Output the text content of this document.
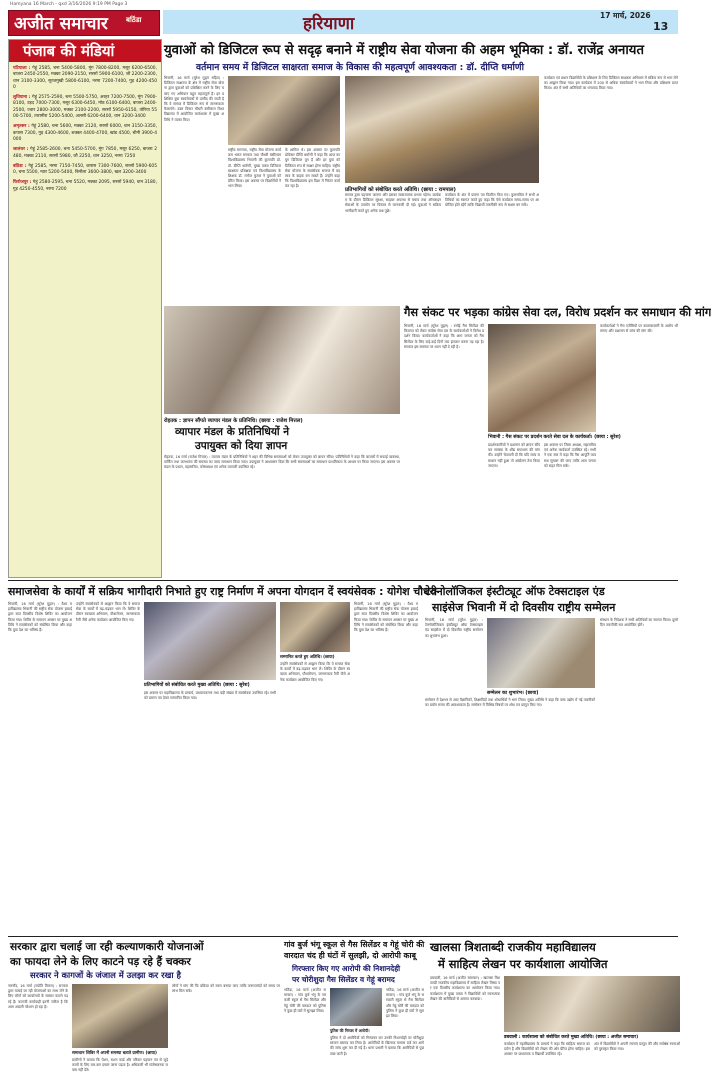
Hamyana 16 March - qxd 3/16/2026 9:19 PM Page 3
अजीत समाचार	बठिंडा	हरियाणा	17 मार्च, 2026
13
पंजाब की मंडियां
पटियाला : गेहूं 2585, चना 5400-5800, मूंग 7800-8200, मसूर 6200-6500, बाजरा 2450-2550, मक्का 2090-2150, सरसों 5900-6100, जौ 2200-2300, धान 3100-3300, सूरजमुखी 5800-6100, नरमा 7200-7400, गुड़ 4200-4500
लुधियाना : गेहूं 2575-2590, चना 5500-5750, अरहर 7200-7500, मूंग 7900-8100, उड़द 7000-7300, मसूर 6300-6450, मोठ 6100-6400, बाजरा 2400-2500, ज्वार 2800-3000, मक्का 2100-2200, सरसों 5950-6150, तोरिया 5500-5700, तारामीरा 5200-5400, अलसी 6200-6400, धान 3200-3400
अमृतसर : गेहूं 2580, चना 5600, मक्का 2120, सरसों 6000, धान 3150-3350, कपास 7300, गुड़ 4300-4600, शक्कर 4400-4700, खांड 4500, चीनी 3900-4000
जालंधर : गेहूं 2585-2600, चना 5450-5700, मूंग 7850, मसूर 6250, बाजरा 2480, मक्का 2110, सरसों 5980, जौ 2250, धान 3250, नरमा 7250
बठिंडा : गेहूं 2585, नरमा 7150-7450, कपास 7300-7600, सरसों 5900-6050, चना 5500, ग्वार 5200-5400, बिनौला 3600-3800, खल 3200-3400
फिरोजपुर : गेहूं 2580-2595, चना 5520, मक्का 2095, सरसों 5940, धान 3180, गुड़ 4250-4550, नरमा 7200
युवाओं को डिजिटल रूप से सदृढ़ बनाने में राष्ट्रीय सेवा योजना की अहम भूमिका : डॉ. राजेंद्र अनायत
वर्तमान समय में डिजिटल साक्षरता समाज के विकास की महत्वपूर्ण आवश्यकता : डॉ. दीप्ति धर्माणी
भिवानी, 16 मार्च (सुरेश मुद्गल सहित) : डिजिटल साक्षरता के क्षेत्र में राष्ट्रीय सेवा योजना द्वारा युवाओं को प्रशिक्षित करने के लिए चलाए गए अभियान बहुत महत्वपूर्ण हैं। इन प्रशिक्षित युवा स्वयंसेवकों से उम्मीद की जाती है कि वे समाज में डिजिटल रूप से जागरूकता फैलाएंगे। उक्त विचार चौधरी बंसीलाल विश्वविद्यालय में आयोजित कार्यशाला में मुख्य अतिथि ने व्यक्त किए।
राष्ट्रीय समन्वय, राष्ट्रीय सेवा योजना कार्यक्रम भारत सरकार तथा चौधरी बंसीलाल विश्वविद्यालय भिवानी की कुलपति प्रो. डॉ. दीप्ति धर्माणी, मुख्य वक्ता डिजिटल साक्षरता प्रशिक्षक एवं विश्वविद्यालय के शिक्षक डॉ. मनोज कुमार ने युवाओं को प्रेरित किया। इस अवसर पर विद्यार्थियों ने भाग लिया।
के शामिल थे। इस अवसर पर कुलपति प्रोफेसर दीप्ति धर्माणी ने कहा कि आज का युग डिजिटल युग है और हर युवा को डिजिटल रूप से साक्षर होना चाहिए। राष्ट्रीय सेवा योजना के स्वयंसेवक समाज में बदलाव के वाहक बन सकते हैं। उन्होंने कहा कि विश्वविद्यालय इस दिशा में निरंतर कार्य कर रहा है।
प्रतिभागियों को संबोधित करते अतिथि। (छाया : रामपाल)
समाज द्वारा पहचाना जाएगा और इसका सकारात्मक प्रभाव पड़ेगा। कार्यक्रम के दौरान डिजिटल सुरक्षा, साइबर अपराध से बचाव तथा ऑनलाइन सेवाओं के उपयोग पर विस्तार से जानकारी दी गई। युवाओं ने सक्रिय भागीदारी करते हुए अनेक प्रश्न पूछे।
कार्यक्रम के अंत में प्रमाण पत्र वितरित किए गए। कुलसचिव ने सभी अतिथियों का स्वागत करते हुए कहा कि ऐसे कार्यक्रम समय-समय पर आयोजित होते रहेंगे ताकि विद्यार्थी तकनीकी रूप से सक्षम बन सकें।
कार्यक्रम एवं प्रधान विद्यार्थियों के प्रशिक्षण के लिए डिजिटल साक्षरता अभियान में सक्रिय रूप से भाग लेने का आह्वान किया गया। इस कार्यक्रम में 200 से अधिक स्वयंसेवकों ने भाग लिया और प्रशिक्षण प्राप्त किया। अंत में सभी अतिथियों का धन्यवाद किया गया।
रोहतक : ज्ञापन सौंपते व्यापार मंडल के प्रतिनिधि। (छाया : राजेश मित्तल)
व्यापार मंडल के प्रतिनिधियों ने
उपायुक्त को दिया ज्ञापन
रोहतक, 16 मार्च (राजेश मित्तल) : व्यापार मंडल के प्रतिनिधियों ने शहर की विभिन्न समस्याओं को लेकर उपायुक्त को ज्ञापन सौंपा। प्रतिनिधियों ने कहा कि बाजारों में सफाई व्यवस्था, पार्किंग तथा जलभराव की समस्या का जल्द समाधान किया जाए। उपायुक्त ने आश्वासन दिया कि सभी समस्याओं का समाधान प्राथमिकता के आधार पर किया जाएगा। इस अवसर पर मंडल के प्रधान, महासचिव, कोषाध्यक्ष एवं अनेक व्यापारी उपस्थित रहे।
गैस संकट पर भड़का कांग्रेस सेवा दल, विरोध प्रदर्शन कर समाधान की मांग
भिवानी, 16 मार्च (सुरेश मुद्गल) : रसोई गैस सिलेंडर की किल्लत को लेकर कांग्रेस सेवा दल के कार्यकर्ताओं ने विरोध प्रदर्शन किया। कार्यकर्ताओं ने कहा कि आम जनता को गैस सिलेंडर के लिए कई-कई दिनों तक इंतजार करना पड़ रहा है। सरकार इस समस्या पर ध्यान नहीं दे रही है।
भिवानी : गैस संकट पर प्रदर्शन करते सेवा दल के कार्यकर्ता। (छाया : सुरेश)
प्रदर्शनकारियों ने प्रशासन को ज्ञापन सौंपकर समस्या के शीघ्र समाधान की मांग की। उन्होंने चेतावनी दी कि यदि जल्द समाधान नहीं हुआ तो आंदोलन तेज किया जाएगा।
इस अवसर पर जिला अध्यक्ष, महासचिव एवं अनेक कार्यकर्ता उपस्थित रहे। सभी ने एक स्वर में कहा कि गैस आपूर्ति व्यवस्था सुचारू की जाए ताकि आम जनता को राहत मिल सके।
कार्यकर्ताओं ने गैस एजेंसियों पर कालाबाजारी के आरोप भी लगाए और प्रशासन से जांच की मांग की।
समाजसेवा के कार्यों में सक्रिय भागीदारी निभाते हुए राष्ट्र निर्माण में अपना योगदान दें स्वयंसेवक : योगेश चौधरी
भिवानी, 16 मार्च (सुरेश मुद्गल) : वैश्य महाविद्यालय भिवानी की राष्ट्रीय सेवा योजना इकाई द्वारा सात दिवसीय विशेष शिविर का आयोजन किया गया। शिविर के समापन अवसर पर मुख्य अतिथि ने स्वयंसेवकों को संबोधित किया और कहा कि युवा देश का भविष्य हैं।
उन्होंने स्वयंसेवकों से आह्वान किया कि वे समाज सेवा के कार्यों में बढ़-चढ़कर भाग लें। शिविर के दौरान स्वच्छता अभियान, पौधारोपण, जागरूकता रैली जैसे अनेक कार्यक्रम आयोजित किए गए।
प्रतिभागियों को संबोधित करते मुख्य अतिथि। (छाया : सुरेश)
सम्मानित करते हुए अतिथि। (छाया)
इस अवसर पर महाविद्यालय के प्राचार्य, प्राध्यापकगण तथा बड़ी संख्या में स्वयंसेवक उपस्थित रहे। सभी को प्रमाण पत्र देकर सम्मानित किया गया।
उन्होंने स्वयंसेवकों से आह्वान किया कि वे समाज सेवा के कार्यों में बढ़-चढ़कर भाग लें। शिविर के दौरान स्वच्छता अभियान, पौधारोपण, जागरूकता रैली जैसे अनेक कार्यक्रम आयोजित किए गए।
भिवानी, 16 मार्च (सुरेश मुद्गल) : वैश्य महाविद्यालय भिवानी की राष्ट्रीय सेवा योजना इकाई द्वारा सात दिवसीय विशेष शिविर का आयोजन किया गया। शिविर के समापन अवसर पर मुख्य अतिथि ने स्वयंसेवकों को संबोधित किया और कहा कि युवा देश का भविष्य हैं।
टेक्नोलॉजिकल इंस्टीट्यूट ऑफ टेक्सटाइल एंड
साइंसेज भिवानी में दो दिवसीय राष्ट्रीय सम्मेलन
भिवानी, 16 मार्च (सुरेश मुद्गल) : टेक्नोलॉजिकल इंस्टीट्यूट ऑफ टेक्सटाइल एंड साइंसेज में दो दिवसीय राष्ट्रीय सम्मेलन का शुभारंभ हुआ।
सम्मेलन का शुभारंभ। (छाया)
सम्मेलन में देशभर से आए वैज्ञानिकों, शिक्षाविदों तथा शोधार्थियों ने भाग लिया। मुख्य अतिथि ने कहा कि वस्त्र उद्योग में नई तकनीकों का प्रयोग समय की आवश्यकता है। सम्मेलन में विभिन्न विषयों पर शोध पत्र प्रस्तुत किए गए।
संस्थान के निदेशक ने सभी अतिथियों का स्वागत किया। दूसरे दिन तकनीकी सत्र आयोजित होंगे।
सरकार द्वारा चलाई जा रही कल्याणकारी योजनाओं
का फायदा लेने के लिए काटने पड़ रहे हैं चक्कर
सरकार ने कागजों के जंजाल में उलझा कर रखा है
नारनौंद, 16 मार्च (ज्योति मित्तल) : सरकार द्वारा चलाई जा रही योजनाओं का लाभ लेने के लिए लोगों को कार्यालयों के चक्कर काटने पड़ रहे हैं। कागजी कार्यवाही इतनी जटिल है कि आम आदमी परेशान हो रहा है।
समाधान शिविर में अपनी समस्या बताते ग्रामीण। (छाया)
ग्रामीणों ने बताया कि पेंशन, राशन कार्ड और परिवार पहचान पत्र से जुड़े कामों के लिए बार-बार दफ्तर जाना पड़ता है। अधिकारी भी संतोषजनक जवाब नहीं देते।
लोगों ने मांग की कि प्रक्रिया को सरल बनाया जाए ताकि जरूरतमंदों को समय पर लाभ मिल सके।
गांव बुर्ज भंगू स्कूल से गैस सिलेंडर व गेहूं चोरी की
वारदात चंद ही घंटों में सुलझी, दो आरोपी काबू
गिरफ्तार किए गए आरोपी की निशानदेही
पर चोरीशुदा गैस सिलेंडर व गेहूं बरामद
भटिंडा, 16 मार्च (अजीत समाचार) : गांव बुर्ज भंगू के सरकारी स्कूल से गैस सिलेंडर और गेहूं चोरी की वारदात को पुलिस ने कुछ ही घंटों में सुलझा लिया।
पुलिस की गिरफ्त में आरोपी।
पुलिस ने दो आरोपियों को गिरफ्तार कर उनकी निशानदेही पर चोरीशुदा सामान बरामद कर लिया है। आरोपियों के खिलाफ मामला दर्ज कर आगे की जांच शुरू कर दी गई है। थाना प्रभारी ने बताया कि आरोपियों से पूछताछ जारी है।
भटिंडा, 16 मार्च (अजीत समाचार) : गांव बुर्ज भंगू के सरकारी स्कूल से गैस सिलेंडर और गेहूं चोरी की वारदात को पुलिस ने कुछ ही घंटों में सुलझा लिया।
खालसा त्रिशताब्दी राजकीय महाविद्यालय
में साहित्य लेखन पर कार्यशाला आयोजित
डबवाली, 16 मार्च (अजीत समाचार) : खालसा त्रिशताब्दी राजकीय महाविद्यालय में साहित्य लेखन विषय पर एक दिवसीय कार्यशाला का आयोजन किया गया। कार्यशाला में मुख्य वक्ता ने विद्यार्थियों को रचनात्मक लेखन की बारीकियों से अवगत करवाया।
डबवाली : कार्यशाला को संबोधित करते मुख्य अतिथि। (छाया : अजीत समाचार)
कार्यक्रम में महाविद्यालय के प्राचार्य ने कहा कि साहित्य समाज का दर्पण है और विद्यार्थियों को लेखन की ओर प्रेरित होना चाहिए। इस अवसर पर प्राध्यापक व विद्यार्थी उपस्थित रहे।
अंत में विद्यार्थियों ने अपनी रचनाएं प्रस्तुत कीं और सर्वश्रेष्ठ रचनाओं को पुरस्कृत किया गया।
